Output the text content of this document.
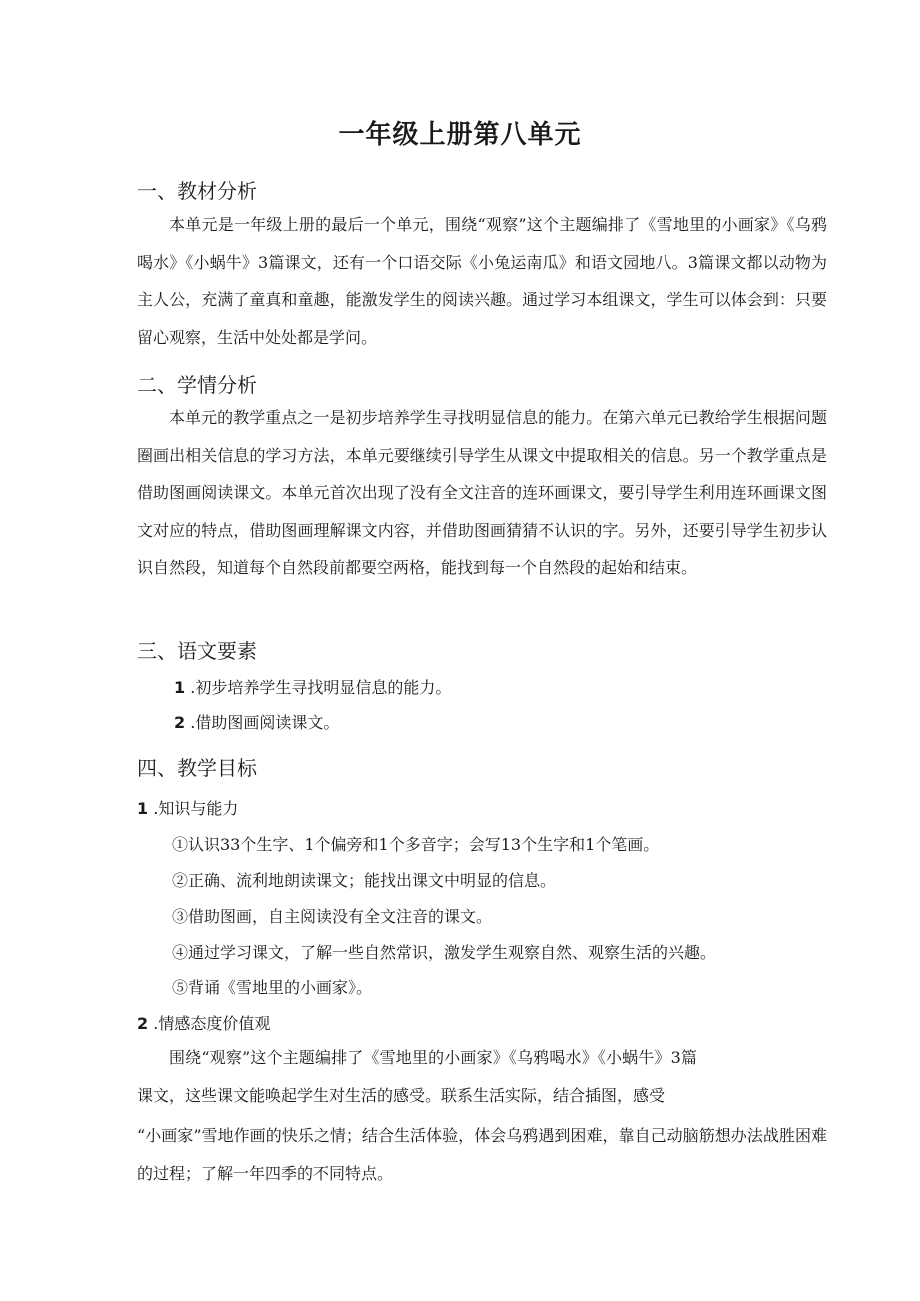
一年级上册第八单元
一、教材分析

本单元是一年级上册的最后一个单元，围绕“观察”这个主题编排了《雪地里的小画家》《乌鸦喝水》《小蜗牛》3篇课文，还有一个口语交际《小兔运南瓜》和语文园地八。3篇课文都以动物为主人公，充满了童真和童趣，能激发学生的阅读兴趣。通过学习本组课文，学生可以体会到：只要留心观察，生活中处处都是学问。

二、学情分析

本单元的教学重点之一是初步培养学生寻找明显信息的能力。在第六单元已教给学生根据问题圈画出相关信息的学习方法，本单元要继续引导学生从课文中提取相关的信息。另一个教学重点是借助图画阅读课文。本单元首次出现了没有全文注音的连环画课文，要引导学生利用连环画课文图文对应的特点，借助图画理解课文内容，并借助图画猜猜不认识的字。另外，还要引导学生初步认识自然段，知道每个自然段前都要空两格，能找到每一个自然段的起始和结束。

三、语文要素
1 .初步培养学生寻找明显信息的能力。
2 .借助图画阅读课文。
四、教学目标
1 .知识与能力
①认识33个生字、1个偏旁和1个多音字；会写13个生字和1个笔画。
②正确、流利地朗读课文；能找出课文中明显的信息。
③借助图画，自主阅读没有全文注音的课文。
④通过学习课文，了解一些自然常识，激发学生观察自然、观察生活的兴趣。
⑤背诵《雪地里的小画家》。
2 .情感态度价值观

围绕“观察”这个主题编排了《雪地里的小画家》《乌鸦喝水》《小蜗牛》3篇课文，这些课文能唤起学生对生活的感受。联系生活实际，结合插图，感受

“小画家”雪地作画的快乐之情；结合生活体验，体会乌鸦遇到困难，靠自己动脑筋想办法战胜困难的过程；了解一年四季的不同特点。
